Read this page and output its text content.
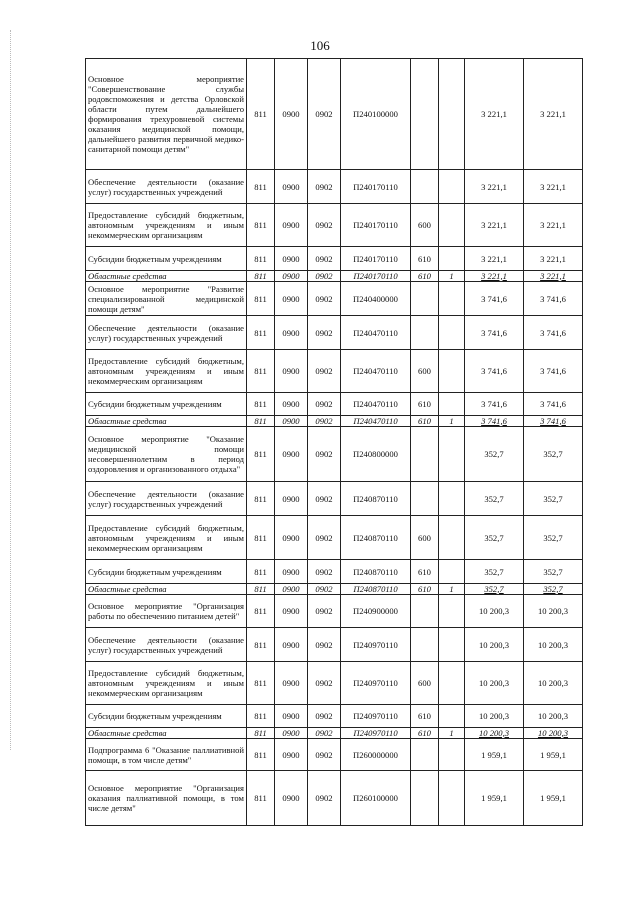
106
Основное мероприятие "Совершенствование службы родовспоможения и детства Орловской области путем дальнейшего формирования трехуровневой системы оказания медицинской помощи, дальнейшего развития первичной медико-санитарной помощи детям"	811	0900	0902	П240100000			3 221,1	3 221,1
Обеспечение деятельности (оказание услуг) государственных учреждений	811	0900	0902	П240170110			3 221,1	3 221,1
Предоставление субсидий бюджетным, автономным учреждениям и иным некоммерческим организациям	811	0900	0902	П240170110	600		3 221,1	3 221,1
Субсидии бюджетным учреждениям	811	0900	0902	П240170110	610		3 221,1	3 221,1
Областные средства	811	0900	0902	П240170110	610	1	3 221,1	3 221,1
Основное мероприятие "Развитие специализированной медицинской помощи детям"	811	0900	0902	П240400000			3 741,6	3 741,6
Обеспечение деятельности (оказание услуг) государственных учреждений	811	0900	0902	П240470110			3 741,6	3 741,6
Предоставление субсидий бюджетным, автономным учреждениям и иным некоммерческим организациям	811	0900	0902	П240470110	600		3 741,6	3 741,6
Субсидии бюджетным учреждениям	811	0900	0902	П240470110	610		3 741,6	3 741,6
Областные средства	811	0900	0902	П240470110	610	1	3 741,6	3 741,6
Основное мероприятие "Оказание медицинской помощи несовершеннолетним в период оздоровления и организованного отдыха"	811	0900	0902	П240800000			352,7	352,7
Обеспечение деятельности (оказание услуг) государственных учреждений	811	0900	0902	П240870110			352,7	352,7
Предоставление субсидий бюджетным, автономным учреждениям и иным некоммерческим организациям	811	0900	0902	П240870110	600		352,7	352,7
Субсидии бюджетным учреждениям	811	0900	0902	П240870110	610		352,7	352,7
Областные средства	811	0900	0902	П240870110	610	1	352,7	352,7
Основное мероприятие "Организация работы по обеспечению питанием детей"	811	0900	0902	П240900000			10 200,3	10 200,3
Обеспечение деятельности (оказание услуг) государственных учреждений	811	0900	0902	П240970110			10 200,3	10 200,3
Предоставление субсидий бюджетным, автономным учреждениям и иным некоммерческим организациям	811	0900	0902	П240970110	600		10 200,3	10 200,3
Субсидии бюджетным учреждениям	811	0900	0902	П240970110	610		10 200,3	10 200,3
Областные средства	811	0900	0902	П240970110	610	1	10 200,3	10 200,3
Подпрограмма 6 "Оказание паллиативной помощи, в том числе детям"	811	0900	0902	П260000000			1 959,1	1 959,1
Основное мероприятие "Организация оказания паллиативной помощи, в том числе детям"	811	0900	0902	П260100000			1 959,1	1 959,1
